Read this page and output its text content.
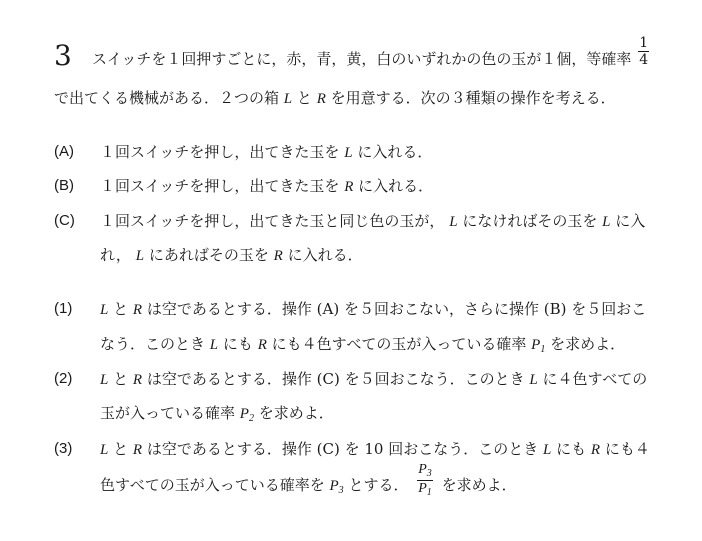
3 スイッチを１回押すごとに，赤，青，黄，白のいずれかの色の玉が１個，等確率 $\frac{1}{4}$
で出てくる機械がある．２つの箱 L と R を用意する．次の３種類の操作を考える．
(A) １回スイッチを押し，出てきた玉を L に入れる．
(B) １回スイッチを押し，出てきた玉を R に入れる．
(C) １回スイッチを押し，出てきた玉と同じ色の玉が， L になければその玉を L に入
れ， L にあればその玉を R に入れる．
(1) L と R は空であるとする．操作 (A) を５回おこない，さらに操作 (B) を５回おこ
なう．このとき L にも R にも４色すべての玉が入っている確率 $P_1$ を求めよ．
(2) L と R は空であるとする．操作 (C) を５回おこなう．このとき L に４色すべての
玉が入っている確率 $P_2$ を求めよ．
(3) L と R は空であるとする．操作 (C) を 10 回おこなう．このとき L にも R にも４
色すべての玉が入っている確率を $P_3$ とする． $\frac{P_3}{P_1}$ を求めよ．
